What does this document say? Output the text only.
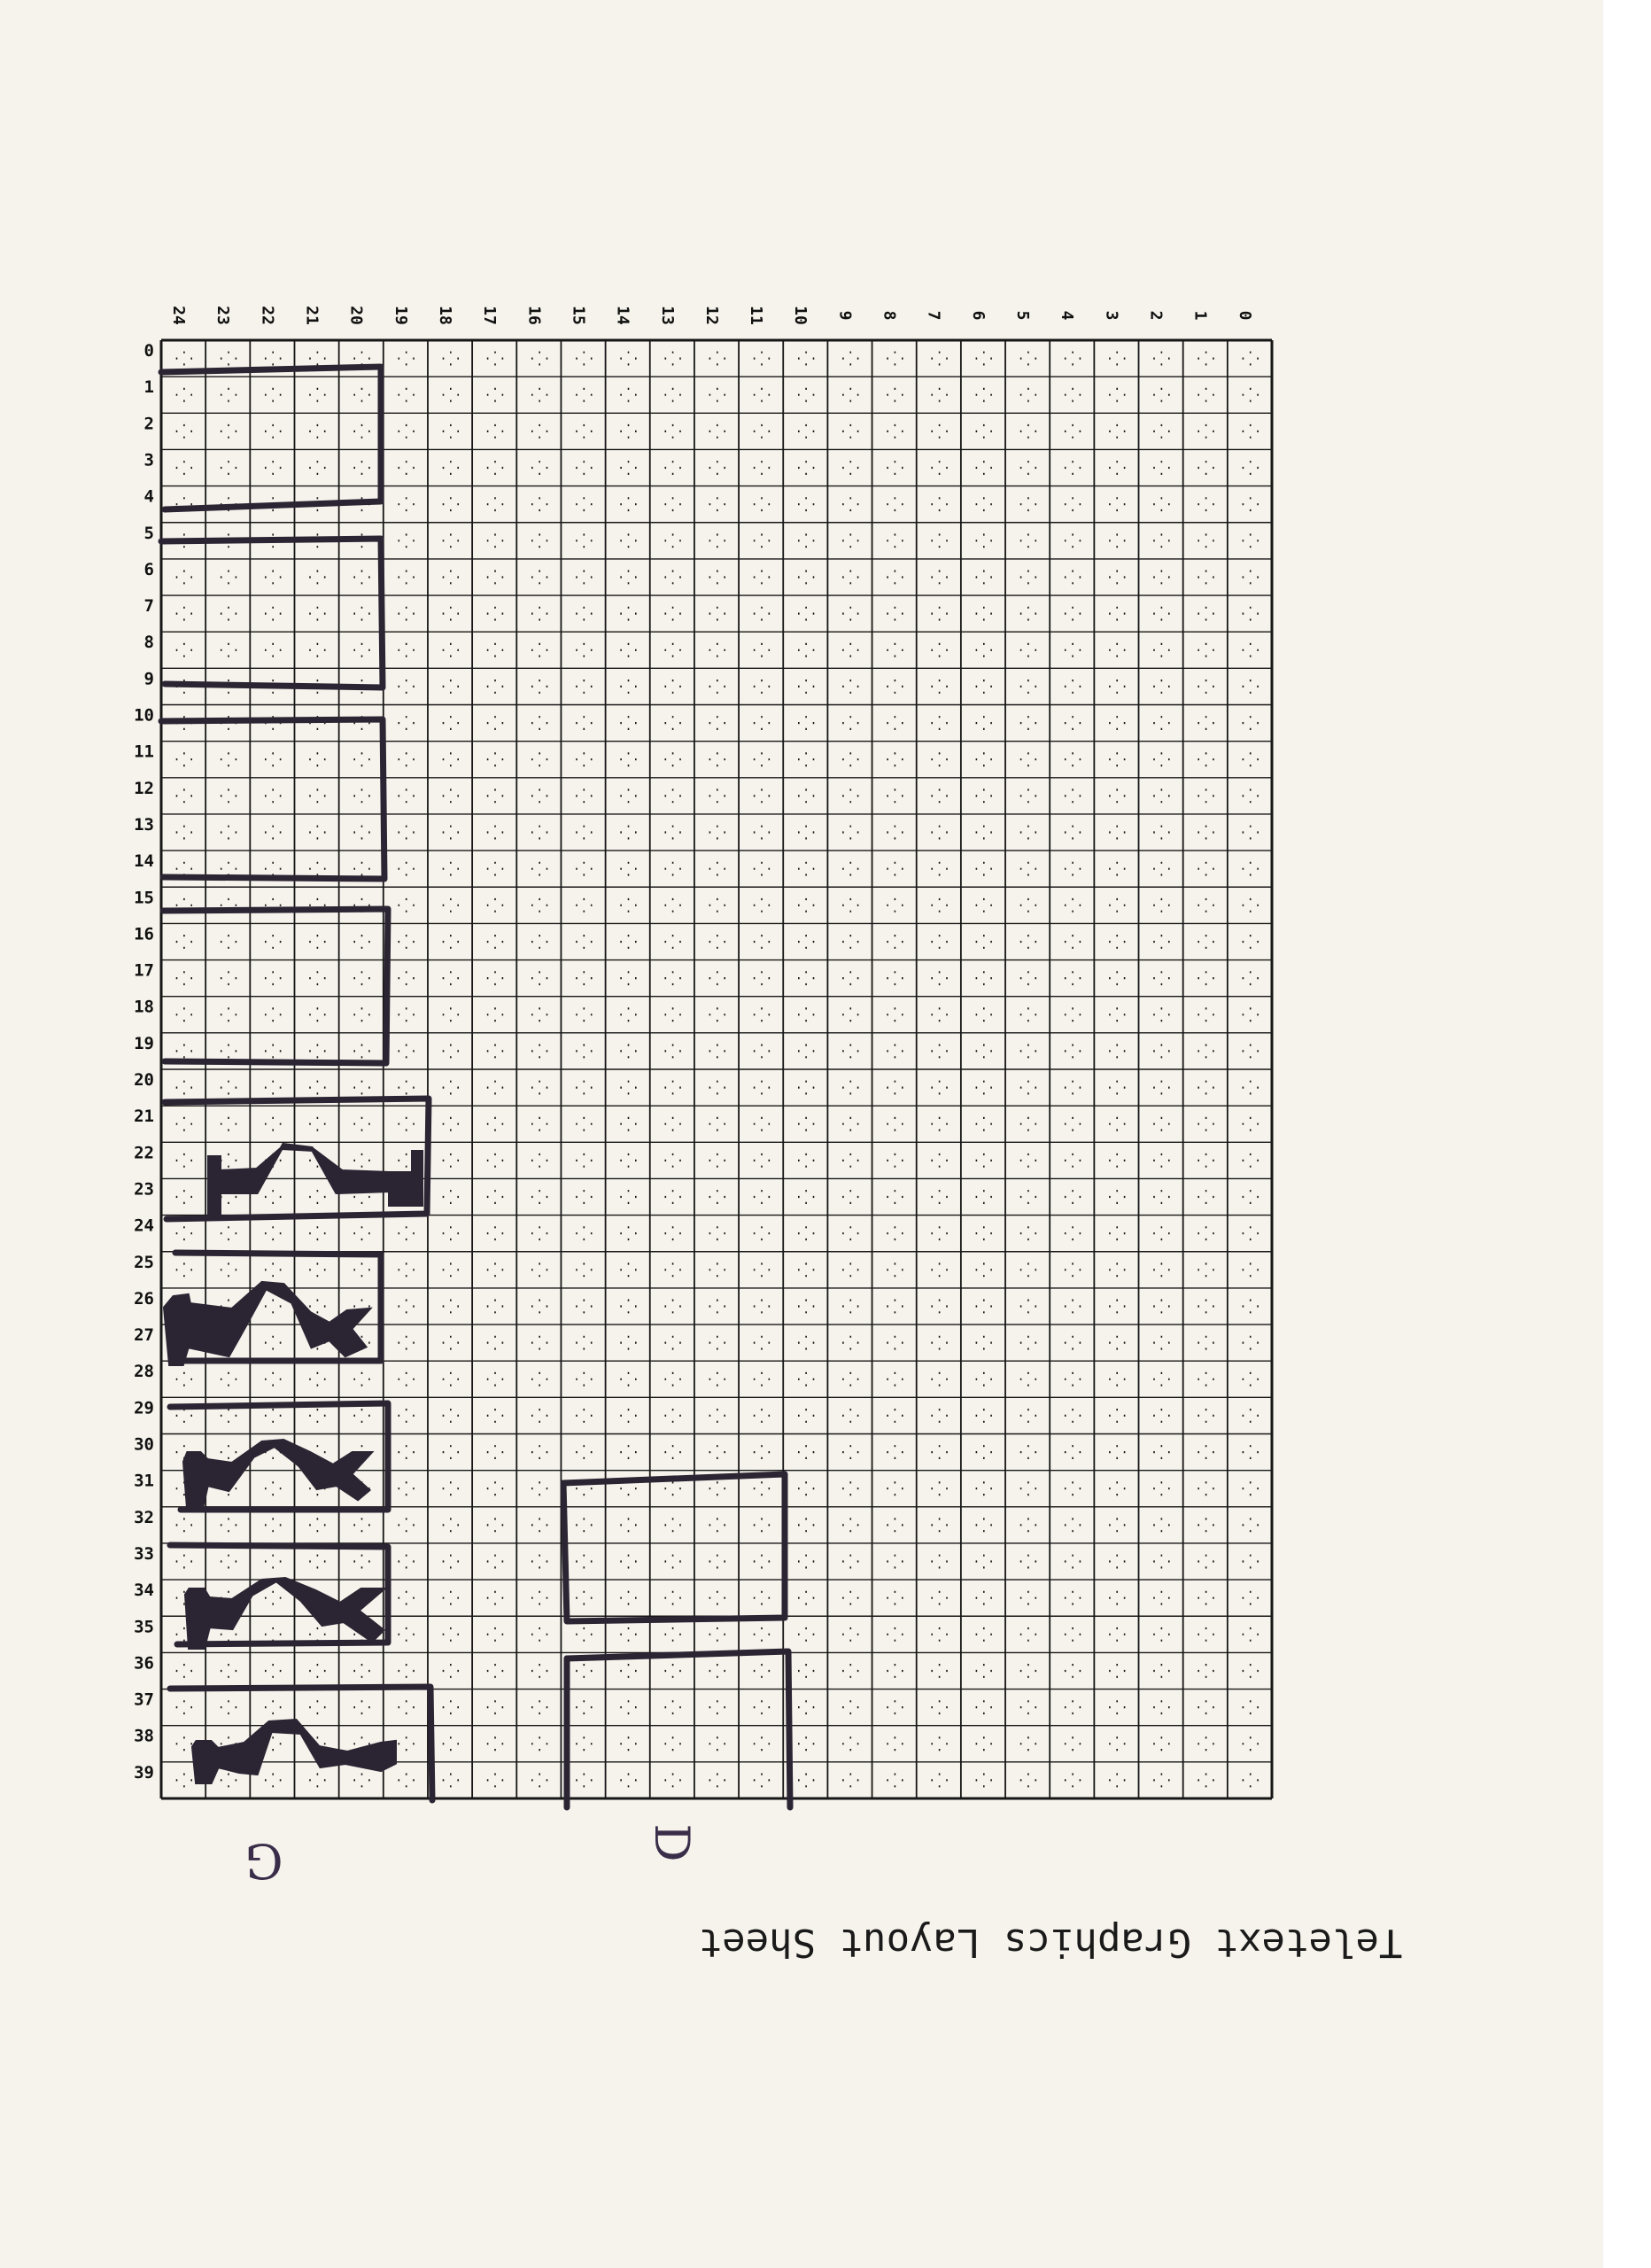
24 23 22 21 20 19 18 17 16 15 14 13 12 11 10 9 8 7 6 5 4 3 2 1 0
0
1
2
3
4
5
6
7
8
9
10
11
12
13
14
15
16
17
18
19
20
21
22
23
24
25
26
27
28
29
30
31
32
33
34
35
36
37
38
39
G	D
Teletext Graphics Layout Sheet
